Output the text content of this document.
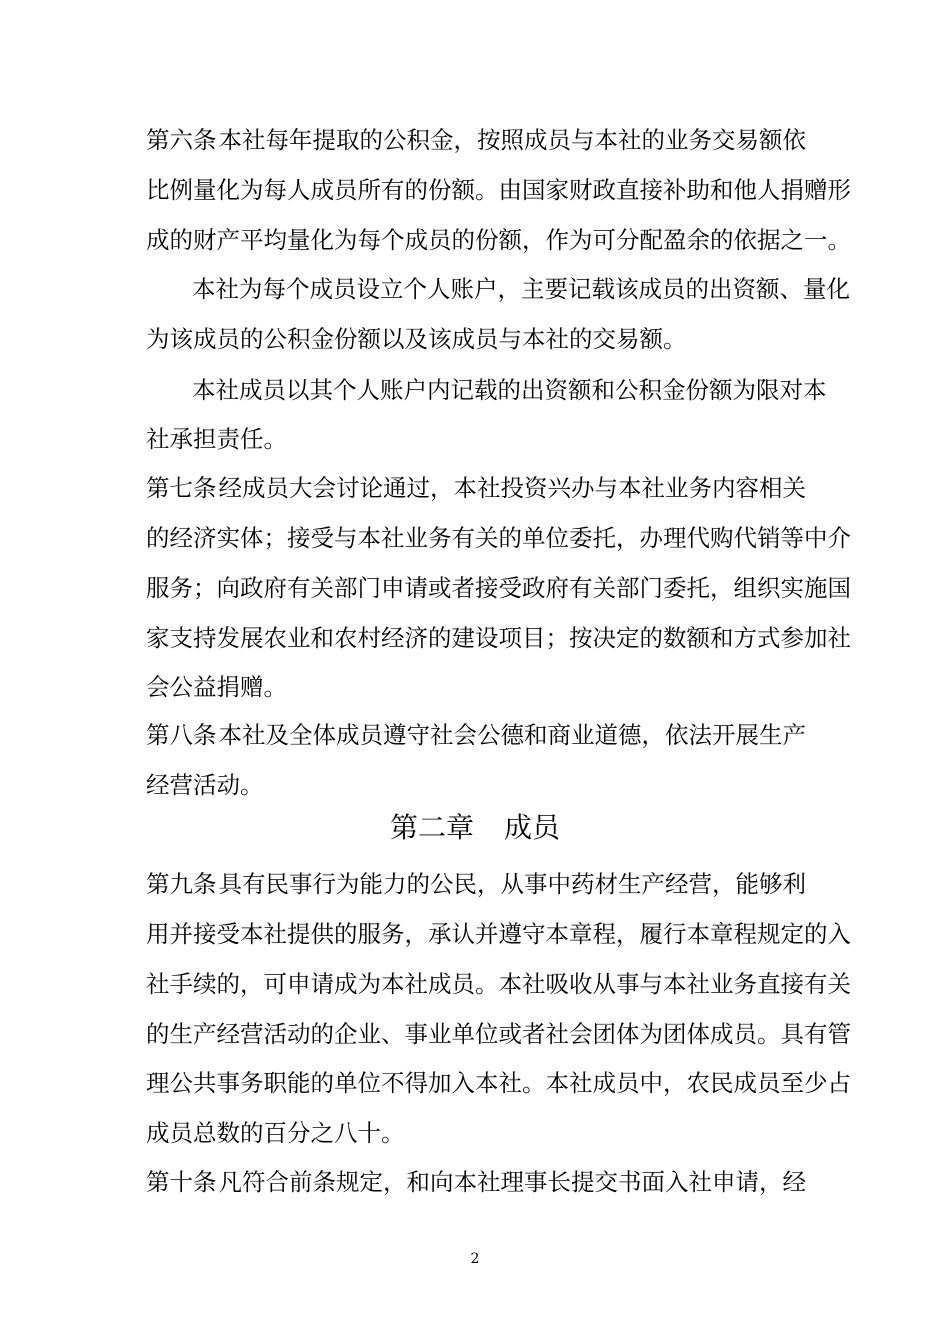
第六条 本社每年提取的公积金，按照成员与本社的业务交易额依
比例量化为每人成员所有的份额。由国家财政直接补助和他人捐赠形
成的财产平均量化为每个成员的份额，作为可分配盈余的依据之一。
本社为每个成员设立个人账户，主要记载该成员的出资额、量化
为该成员的公积金份额以及该成员与本社的交易额。
本社成员以其个人账户内记载的出资额和公积金份额为限对本
社承担责任。
第七条 经成员大会讨论通过，本社投资兴办与本社业务内容相关
的经济实体；接受与本社业务有关的单位委托，办理代购代销等中介
服务；向政府有关部门申请或者接受政府有关部门委托，组织实施国
家支持发展农业和农村经济的建设项目；按决定的数额和方式参加社
会公益捐赠。
第八条 本社及全体成员遵守社会公德和商业道德，依法开展生产
经营活动。
第二章 成员
第九条 具有民事行为能力的公民，从事中药材生产经营，能够利
用并接受本社提供的服务，承认并遵守本章程，履行本章程规定的入
社手续的，可申请成为本社成员。本社吸收从事与本社业务直接有关
的生产经营活动的企业、事业单位或者社会团体为团体成员。具有管
理公共事务职能的单位不得加入本社。本社成员中，农民成员至少占
成员总数的百分之八十。
第十条 凡符合前条规定，和向本社理事长提交书面入社申请，经
2
